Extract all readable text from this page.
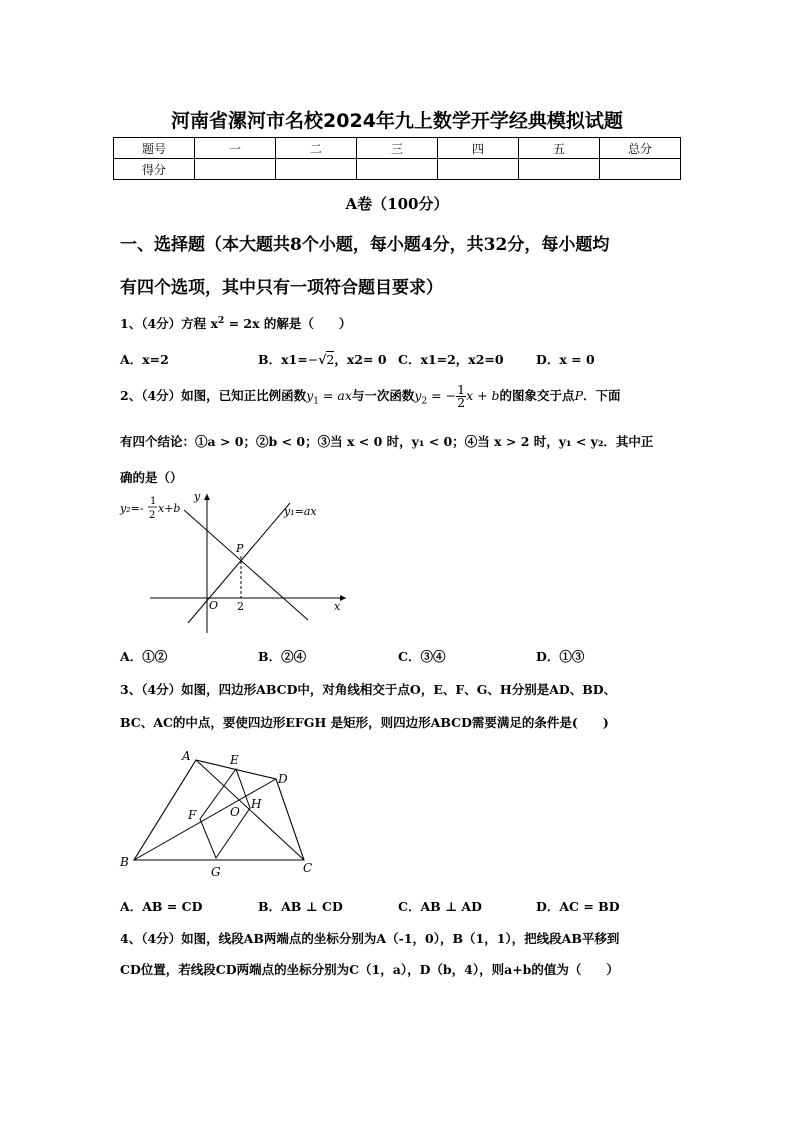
河南省漯河市名校2024年九上数学开学经典模拟试题
题号	一	二	三	四	五	总分
得分						
A卷（100分）
一、选择题（本大题共8个小题，每小题4分，共32分，每小题均
有四个选项，其中只有一项符合题目要求）
1、（4分）方程 $x^2 = 2x$ 的解是（　　）
A．x=2	B．x1=−√2，x2= 0 C．x1=2，x2=0	D．x = 0
2、（4分）如图，已知正比例函数$y_1$ = ax与一次函数$y_2$ = − $\frac{1}{2}$ x + b的图象交于点P．下面
有四个结论：①a > 0；②b < 0；③当 x < 0 时，y₁ < 0；④当 x > 2 时，y₁ < y₂．其中正
确的是（）
y₂=-
1
2
x+b	y₁=ax
y
x
O
P
2
A．①②	B．②④	C．③④	D．①③
3、（4分）如图，四边形ABCD中，对角线相交于点O，E、F、G、H分别是AD、BD、
BC、AC的中点，要使四边形EFGH 是矩形，则四边形ABCD需要满足的条件是(　　)
A
B	C
D
E
F
G
H
O
A．AB = CD	B．AB ⊥ CD	C．AB ⊥ AD	D．AC = BD
4、（4分）如图，线段AB两端点的坐标分别为A（-1，0），B（1，1），把线段AB平移到
CD位置，若线段CD两端点的坐标分别为C（1，a），D（b，4），则a+b的值为（　　）
